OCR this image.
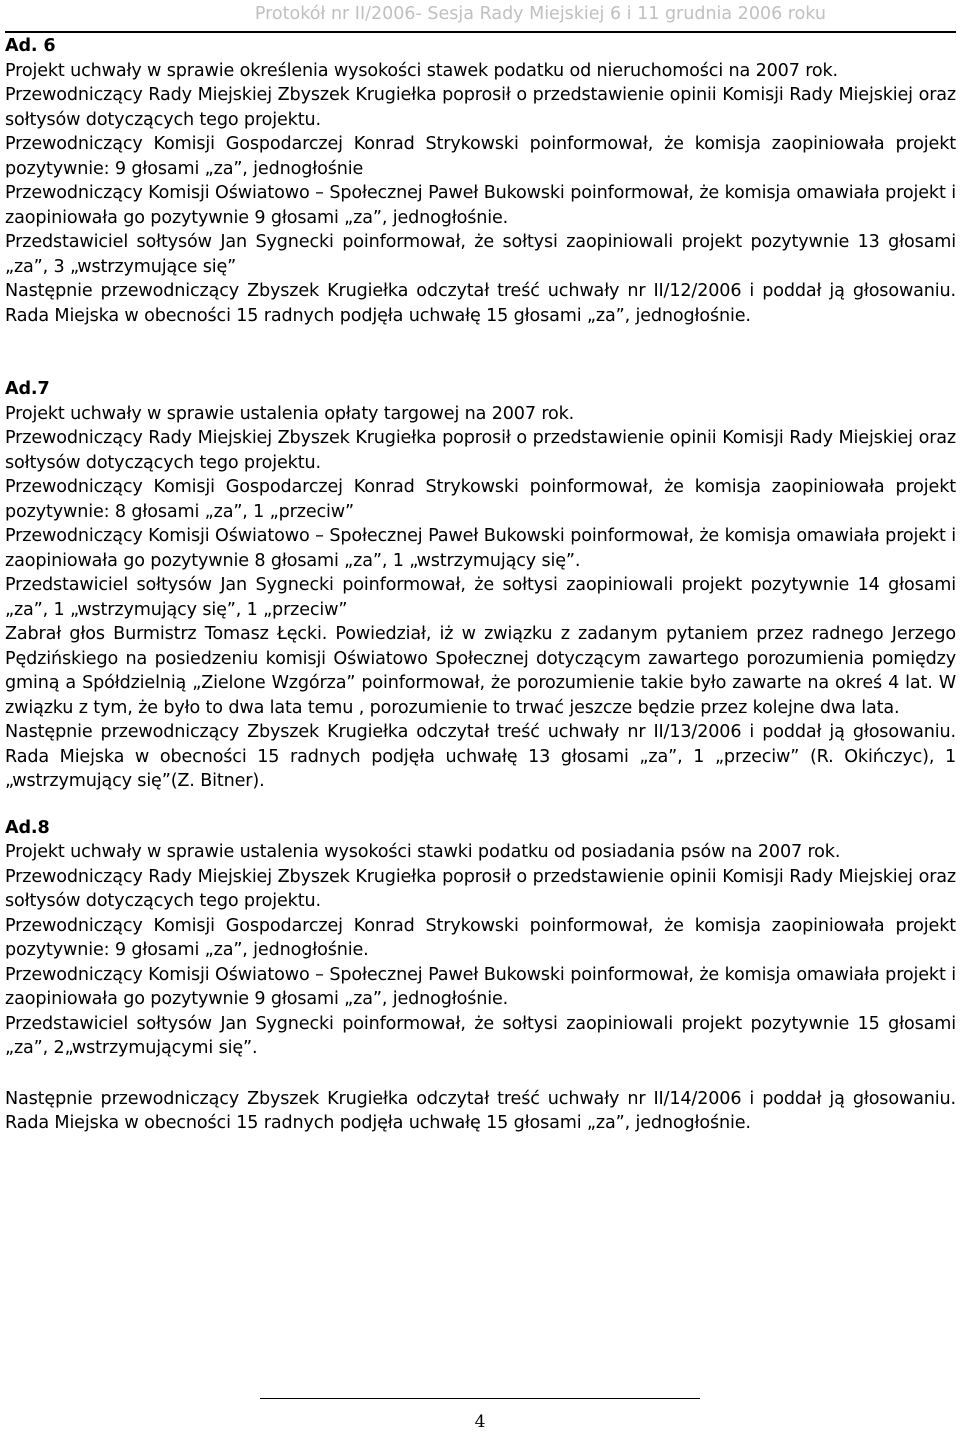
Protokół nr II/2006- Sesja Rady Miejskiej 6 i 11 grudnia 2006 roku
Ad. 6
Projekt uchwały w sprawie określenia wysokości stawek podatku od nieruchomości na 2007 rok.
Przewodniczący Rady Miejskiej Zbyszek Krugiełka poprosił o przedstawienie opinii Komisji Rady Miejskiej oraz sołtysów dotyczących tego projektu.
Przewodniczący Komisji Gospodarczej Konrad Strykowski poinformował, że komisja zaopiniowała projekt pozytywnie: 9 głosami „za”, jednogłośnie
Przewodniczący Komisji Oświatowo – Społecznej Paweł Bukowski poinformował, że komisja omawiała projekt i zaopiniowała go pozytywnie 9 głosami „za”, jednogłośnie.
Przedstawiciel sołtysów Jan Sygnecki poinformował, że sołtysi zaopiniowali projekt pozytywnie 13 głosami „za”, 3 „wstrzymujące się”
Następnie przewodniczący Zbyszek Krugiełka odczytał treść uchwały nr II/12/2006 i poddał ją głosowaniu. Rada Miejska w obecności 15 radnych podjęła uchwałę 15 głosami „za”, jednogłośnie.
Ad.7
Projekt uchwały w sprawie ustalenia opłaty targowej na 2007 rok.
Przewodniczący Rady Miejskiej Zbyszek Krugiełka poprosił o przedstawienie opinii Komisji Rady Miejskiej oraz sołtysów dotyczących tego projektu.
Przewodniczący Komisji Gospodarczej Konrad Strykowski poinformował, że komisja zaopiniowała projekt pozytywnie: 8 głosami „za”, 1 „przeciw”
Przewodniczący Komisji Oświatowo – Społecznej Paweł Bukowski poinformował, że komisja omawiała projekt i zaopiniowała go pozytywnie 8 głosami „za”, 1 „wstrzymujący się”.
Przedstawiciel sołtysów Jan Sygnecki poinformował, że sołtysi zaopiniowali projekt pozytywnie 14 głosami „za”, 1 „wstrzymujący się”, 1 „przeciw”
Zabrał głos Burmistrz Tomasz Łęcki. Powiedział, iż w związku z zadanym pytaniem przez radnego Jerzego Pędzińskiego na posiedzeniu komisji Oświatowo Społecznej dotyczącym zawartego porozumienia pomiędzy gminą a Spółdzielnią „Zielone Wzgórza” poinformował, że porozumienie takie było zawarte na okreś 4 lat. W związku z tym, że było to dwa lata temu , porozumienie to trwać jeszcze będzie przez kolejne dwa lata.
Następnie przewodniczący Zbyszek Krugiełka odczytał treść uchwały nr II/13/2006 i poddał ją głosowaniu. Rada Miejska w obecności 15 radnych podjęła uchwałę 13 głosami „za”, 1 „przeciw” (R. Okińczyc), 1 „wstrzymujący się”(Z. Bitner).
Ad.8
Projekt uchwały w sprawie ustalenia wysokości stawki podatku od posiadania psów na 2007 rok.
Przewodniczący Rady Miejskiej Zbyszek Krugiełka poprosił o przedstawienie opinii Komisji Rady Miejskiej oraz sołtysów dotyczących tego projektu.
Przewodniczący Komisji Gospodarczej Konrad Strykowski poinformował, że komisja zaopiniowała projekt pozytywnie: 9 głosami „za”, jednogłośnie.
Przewodniczący Komisji Oświatowo – Społecznej Paweł Bukowski poinformował, że komisja omawiała projekt i zaopiniowała go pozytywnie 9 głosami „za”, jednogłośnie.
Przedstawiciel sołtysów Jan Sygnecki poinformował, że sołtysi zaopiniowali projekt pozytywnie 15 głosami „za”, 2„wstrzymującymi się”.
Następnie przewodniczący Zbyszek Krugiełka odczytał treść uchwały nr II/14/2006 i poddał ją głosowaniu. Rada Miejska w obecności 15 radnych podjęła uchwałę 15 głosami „za”, jednogłośnie.
4
